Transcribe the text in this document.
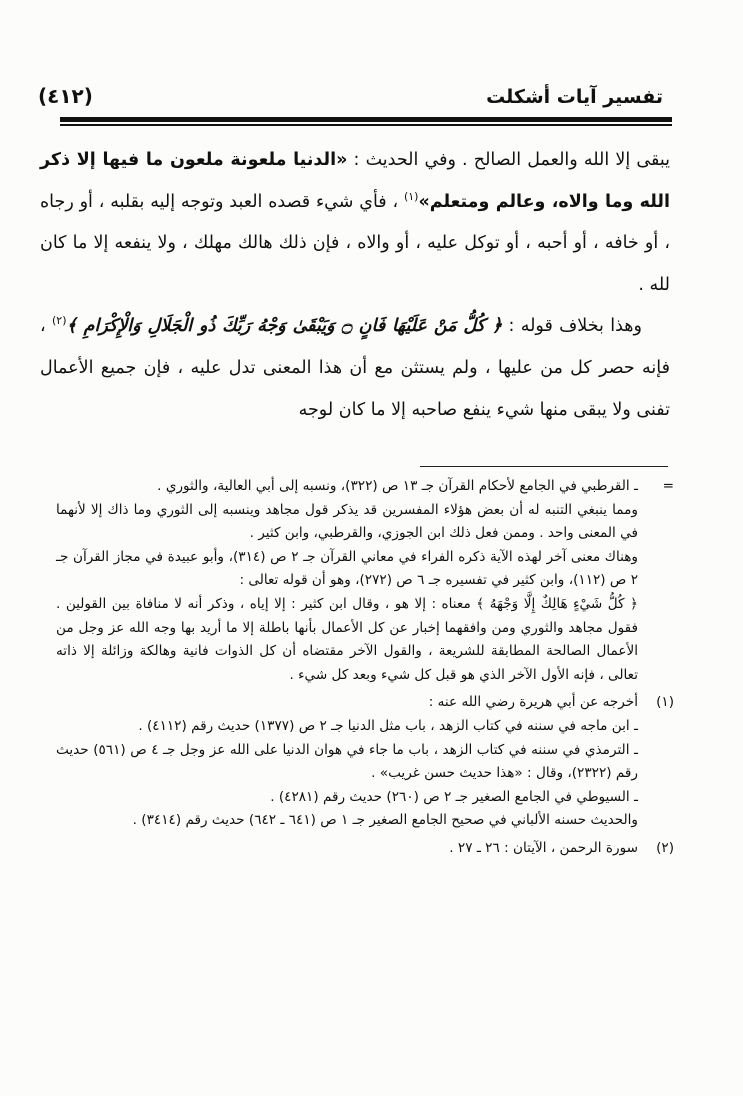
تفسير آيات أشكلت
(٤١٢)

يبقى إلا الله والعمل الصالح . وفي الحديث : «الدنيا ملعونة ملعون ما فيها إلا ذكر الله وما والاه، وعالم ومتعلم»$^{(١)}$ ، فأي شيء قصده العبد وتوجه إليه بقلبه ، أو رجاه ، أو خافه ، أو أحبه ، أو توكل عليه ، أو والاه ، فإن ذلك هالك مهلك ، ولا ينفعه إلا ما كان لله .

وهذا بخلاف قوله : ﴿ كُلُّ مَنْ عَلَيْهَا فَانٍ ۝ وَيَبْقَىٰ وَجْهُ رَبِّكَ ذُو الْجَلَالِ وَالْإِكْرَامِ ﴾$^{(٢)}$ ، فإنه حصر كل من عليها ، ولم يستثن مع أن هذا المعنى تدل عليه ، فإن جميع الأعمال تفنى ولا يبقى منها شيء ينفع صاحبه إلا ما كان لوجه

=

ـ القرطبي في الجامع لأحكام القرآن جـ ١٣ ص (٣٢٢)، ونسبه إلى أبي العالية، والثوري .

ومما ينبغي التنبه له أن بعض هؤلاء المفسرين قد يذكر قول مجاهد وينسبه إلى الثوري وما ذاك إلا لأنهما في المعنى واحد . وممن فعل ذلك ابن الجوزي، والقرطبي، وابن كثير .

وهناك معنى آخر لهذه الآية ذكره الفراء في معاني القرآن جـ ٢ ص (٣١٤)، وأبو عبيدة في مجاز القرآن جـ ٢ ص (١١٢)، وابن كثير في تفسيره جـ ٦ ص (٢٧٢)، وهو أن قوله تعالى :

﴿ كُلُّ شَيْءٍ هَالِكٌ إِلَّا وَجْهَهُ ﴾ معناه : إلا هو ، وقال ابن كثير : إلا إياه ، وذكر أنه لا منافاة بين القولين . فقول مجاهد والثوري ومن وافقهما إخبار عن كل الأعمال بأنها باطلة إلا ما أريد بها وجه الله عز وجل من الأعمال الصالحة المطابقة للشريعة ، والقول الآخر مقتضاه أن كل الذوات فانية وهالكة وزائلة إلا ذاته تعالى ، فإنه الأول الآخر الذي هو قبل كل شيء وبعد كل شيء .

(١)

أخرجه عن أبي هريرة رضي الله عنه :

ـ ابن ماجه في سننه في كتاب الزهد ، باب مثل الدنيا جـ ٢ ص (١٣٧٧) حديث رقم (٤١١٢) .

ـ الترمذي في سننه في كتاب الزهد ، باب ما جاء في هوان الدنيا على الله عز وجل جـ ٤ ص (٥٦١) حديث رقم (٢٣٢٢)، وقال : «هذا حديث حسن غريب» .

ـ السيوطي في الجامع الصغير جـ ٢ ص (٢٦٠) حديث رقم (٤٢٨١) .

والحديث حسنه الألباني في صحيح الجامع الصغير جـ ١ ص (٦٤١ ـ ٦٤٢) حديث رقم (٣٤١٤) .

(٢)

سورة الرحمن ، الآيتان : ٢٦ ـ ٢٧ .
